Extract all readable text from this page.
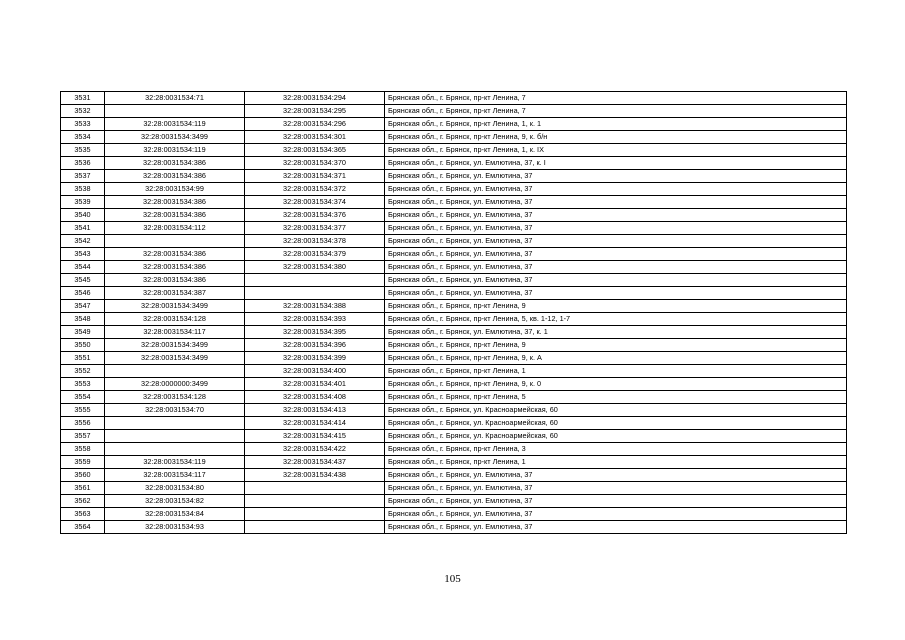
3531	32:28:0031534:71	32:28:0031534:294	Брянская обл., г. Брянск, пр-кт Ленина, 7
3532		32:28:0031534:295	Брянская обл., г. Брянск, пр-кт Ленина, 7
3533	32:28:0031534:119	32:28:0031534:296	Брянская обл., г. Брянск, пр-кт Ленина, 1, к. 1
3534	32:28:0031534:3499	32:28:0031534:301	Брянская обл., г. Брянск, пр-кт Ленина, 9, к. б/н
3535	32:28:0031534:119	32:28:0031534:365	Брянская обл., г. Брянск, пр-кт Ленина, 1, к. IX
3536	32:28:0031534:386	32:28:0031534:370	Брянская обл., г. Брянск, ул. Емлютина, 37, к. I
3537	32:28:0031534:386	32:28:0031534:371	Брянская обл., г. Брянск, ул. Емлютина, 37
3538	32:28:0031534:99	32:28:0031534:372	Брянская обл., г. Брянск, ул. Емлютина, 37
3539	32:28:0031534:386	32:28:0031534:374	Брянская обл., г. Брянск, ул. Емлютина, 37
3540	32:28:0031534:386	32:28:0031534:376	Брянская обл., г. Брянск, ул. Емлютина, 37
3541	32:28:0031534:112	32:28:0031534:377	Брянская обл., г. Брянск, ул. Емлютина, 37
3542		32:28:0031534:378	Брянская обл., г. Брянск, ул. Емлютина, 37
3543	32:28:0031534:386	32:28:0031534:379	Брянская обл., г. Брянск, ул. Емлютина, 37
3544	32:28:0031534:386	32:28:0031534:380	Брянская обл., г. Брянск, ул. Емлютина, 37
3545	32:28:0031534:386		Брянская обл., г. Брянск, ул. Емлютина, 37
3546	32:28:0031534:387		Брянская обл., г. Брянск, ул. Емлютина, 37
3547	32:28:0031534:3499	32:28:0031534:388	Брянская обл., г. Брянск, пр-кт Ленина, 9
3548	32:28:0031534:128	32:28:0031534:393	Брянская обл., г. Брянск, пр-кт Ленина, 5, кв. 1-12, 1-7
3549	32:28:0031534:117	32:28:0031534:395	Брянская обл., г. Брянск, ул. Емлютина, 37, к. 1
3550	32:28:0031534:3499	32:28:0031534:396	Брянская обл., г. Брянск, пр-кт Ленина, 9
3551	32:28:0031534:3499	32:28:0031534:399	Брянская обл., г. Брянск, пр-кт Ленина, 9, к. А
3552		32:28:0031534:400	Брянская обл., г. Брянск, пр-кт Ленина, 1
3553	32:28:0000000:3499	32:28:0031534:401	Брянская обл., г. Брянск, пр-кт Ленина, 9, к. 0
3554	32:28:0031534:128	32:28:0031534:408	Брянская обл., г. Брянск, пр-кт Ленина, 5
3555	32:28:0031534:70	32:28:0031534:413	Брянская обл., г. Брянск, ул. Красноармейская, 60
3556		32:28:0031534:414	Брянская обл., г. Брянск, ул. Красноармейская, 60
3557		32:28:0031534:415	Брянская обл., г. Брянск, ул. Красноармейская, 60
3558		32:28:0031534:422	Брянская обл., г. Брянск, пр-кт Ленина, 3
3559	32:28:0031534:119	32:28:0031534:437	Брянская обл., г. Брянск, пр-кт Ленина, 1
3560	32:28:0031534:117	32:28:0031534:438	Брянская обл., г. Брянск, ул. Емлютина, 37
3561	32:28:0031534:80		Брянская обл., г. Брянск, ул. Емлютина, 37
3562	32:28:0031534:82		Брянская обл., г. Брянск, ул. Емлютина, 37
3563	32:28:0031534:84		Брянская обл., г. Брянск, ул. Емлютина, 37
3564	32:28:0031534:93		Брянская обл., г. Брянск, ул. Емлютина, 37
105
